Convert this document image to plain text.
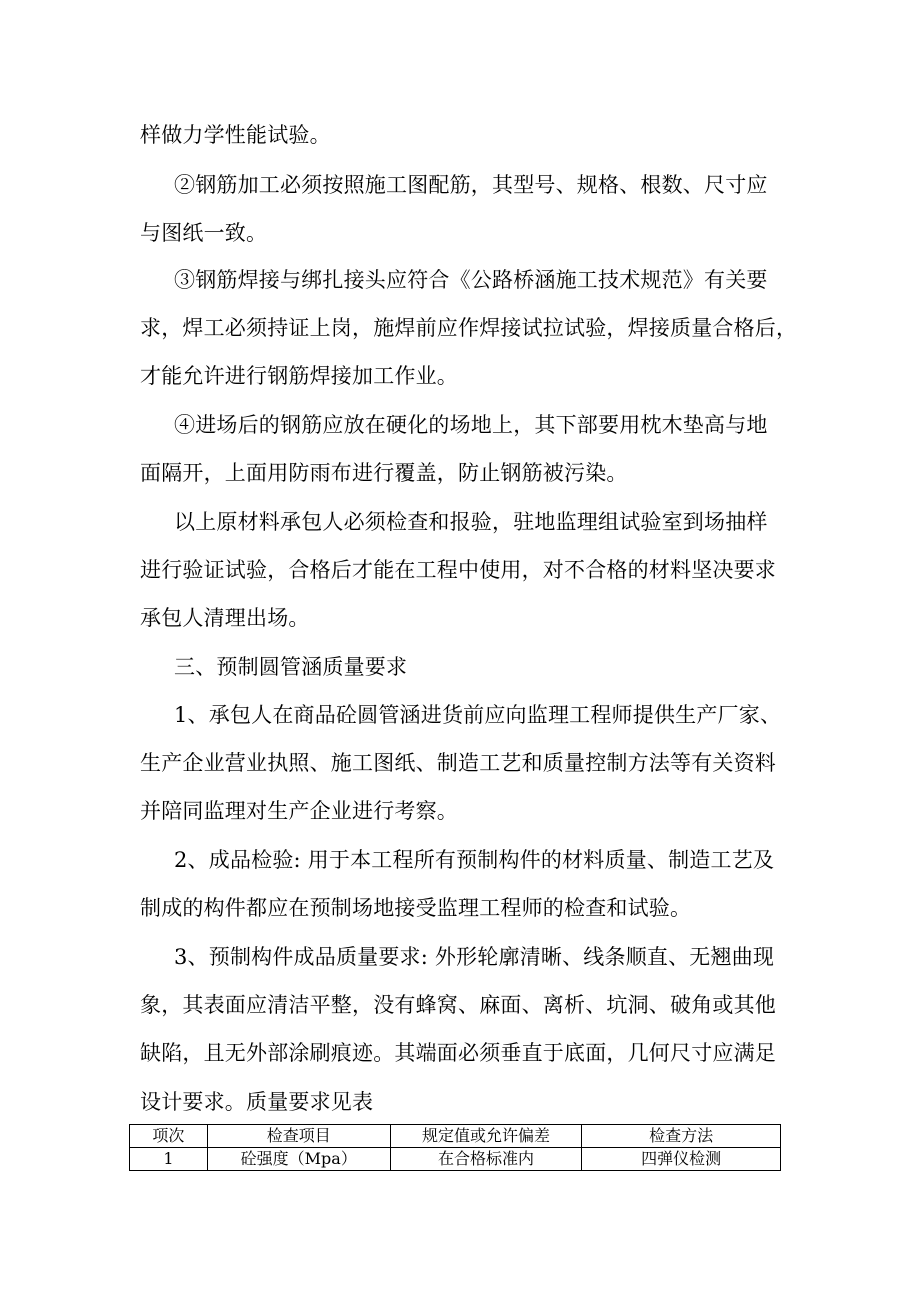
样做力学性能试验。
②钢筋加工必须按照施工图配筋，其型号、规格、根数、尺寸应
与图纸一致。
③钢筋焊接与绑扎接头应符合《公路桥涵施工技术规范》有关要
求，焊工必须持证上岗，施焊前应作焊接试拉试验，焊接质量合格后，
才能允许进行钢筋焊接加工作业。
④进场后的钢筋应放在硬化的场地上，其下部要用枕木垫高与地
面隔开，上面用防雨布进行覆盖，防止钢筋被污染。
以上原材料承包人必须检查和报验，驻地监理组试验室到场抽样
进行验证试验，合格后才能在工程中使用，对不合格的材料坚决要求
承包人清理出场。
三、预制圆管涵质量要求
1、承包人在商品砼圆管涵进货前应向监理工程师提供生产厂家、
生产企业营业执照、施工图纸、制造工艺和质量控制方法等有关资料
并陪同监理对生产企业进行考察。
2、成品检验: 用于本工程所有预制构件的材料质量、制造工艺及
制成的构件都应在预制场地接受监理工程师的检查和试验。
3、预制构件成品质量要求: 外形轮廓清晰、线条顺直、无翘曲现
象，其表面应清洁平整，没有蜂窝、麻面、离析、坑洞、破角或其他
缺陷，且无外部涂刷痕迹。其端面必须垂直于底面，几何尺寸应满足
设计要求。质量要求见表
项次	检查项目	规定值或允许偏差	检查方法
1	砼强度（Mpa）	在合格标准内	四弹仪检测
